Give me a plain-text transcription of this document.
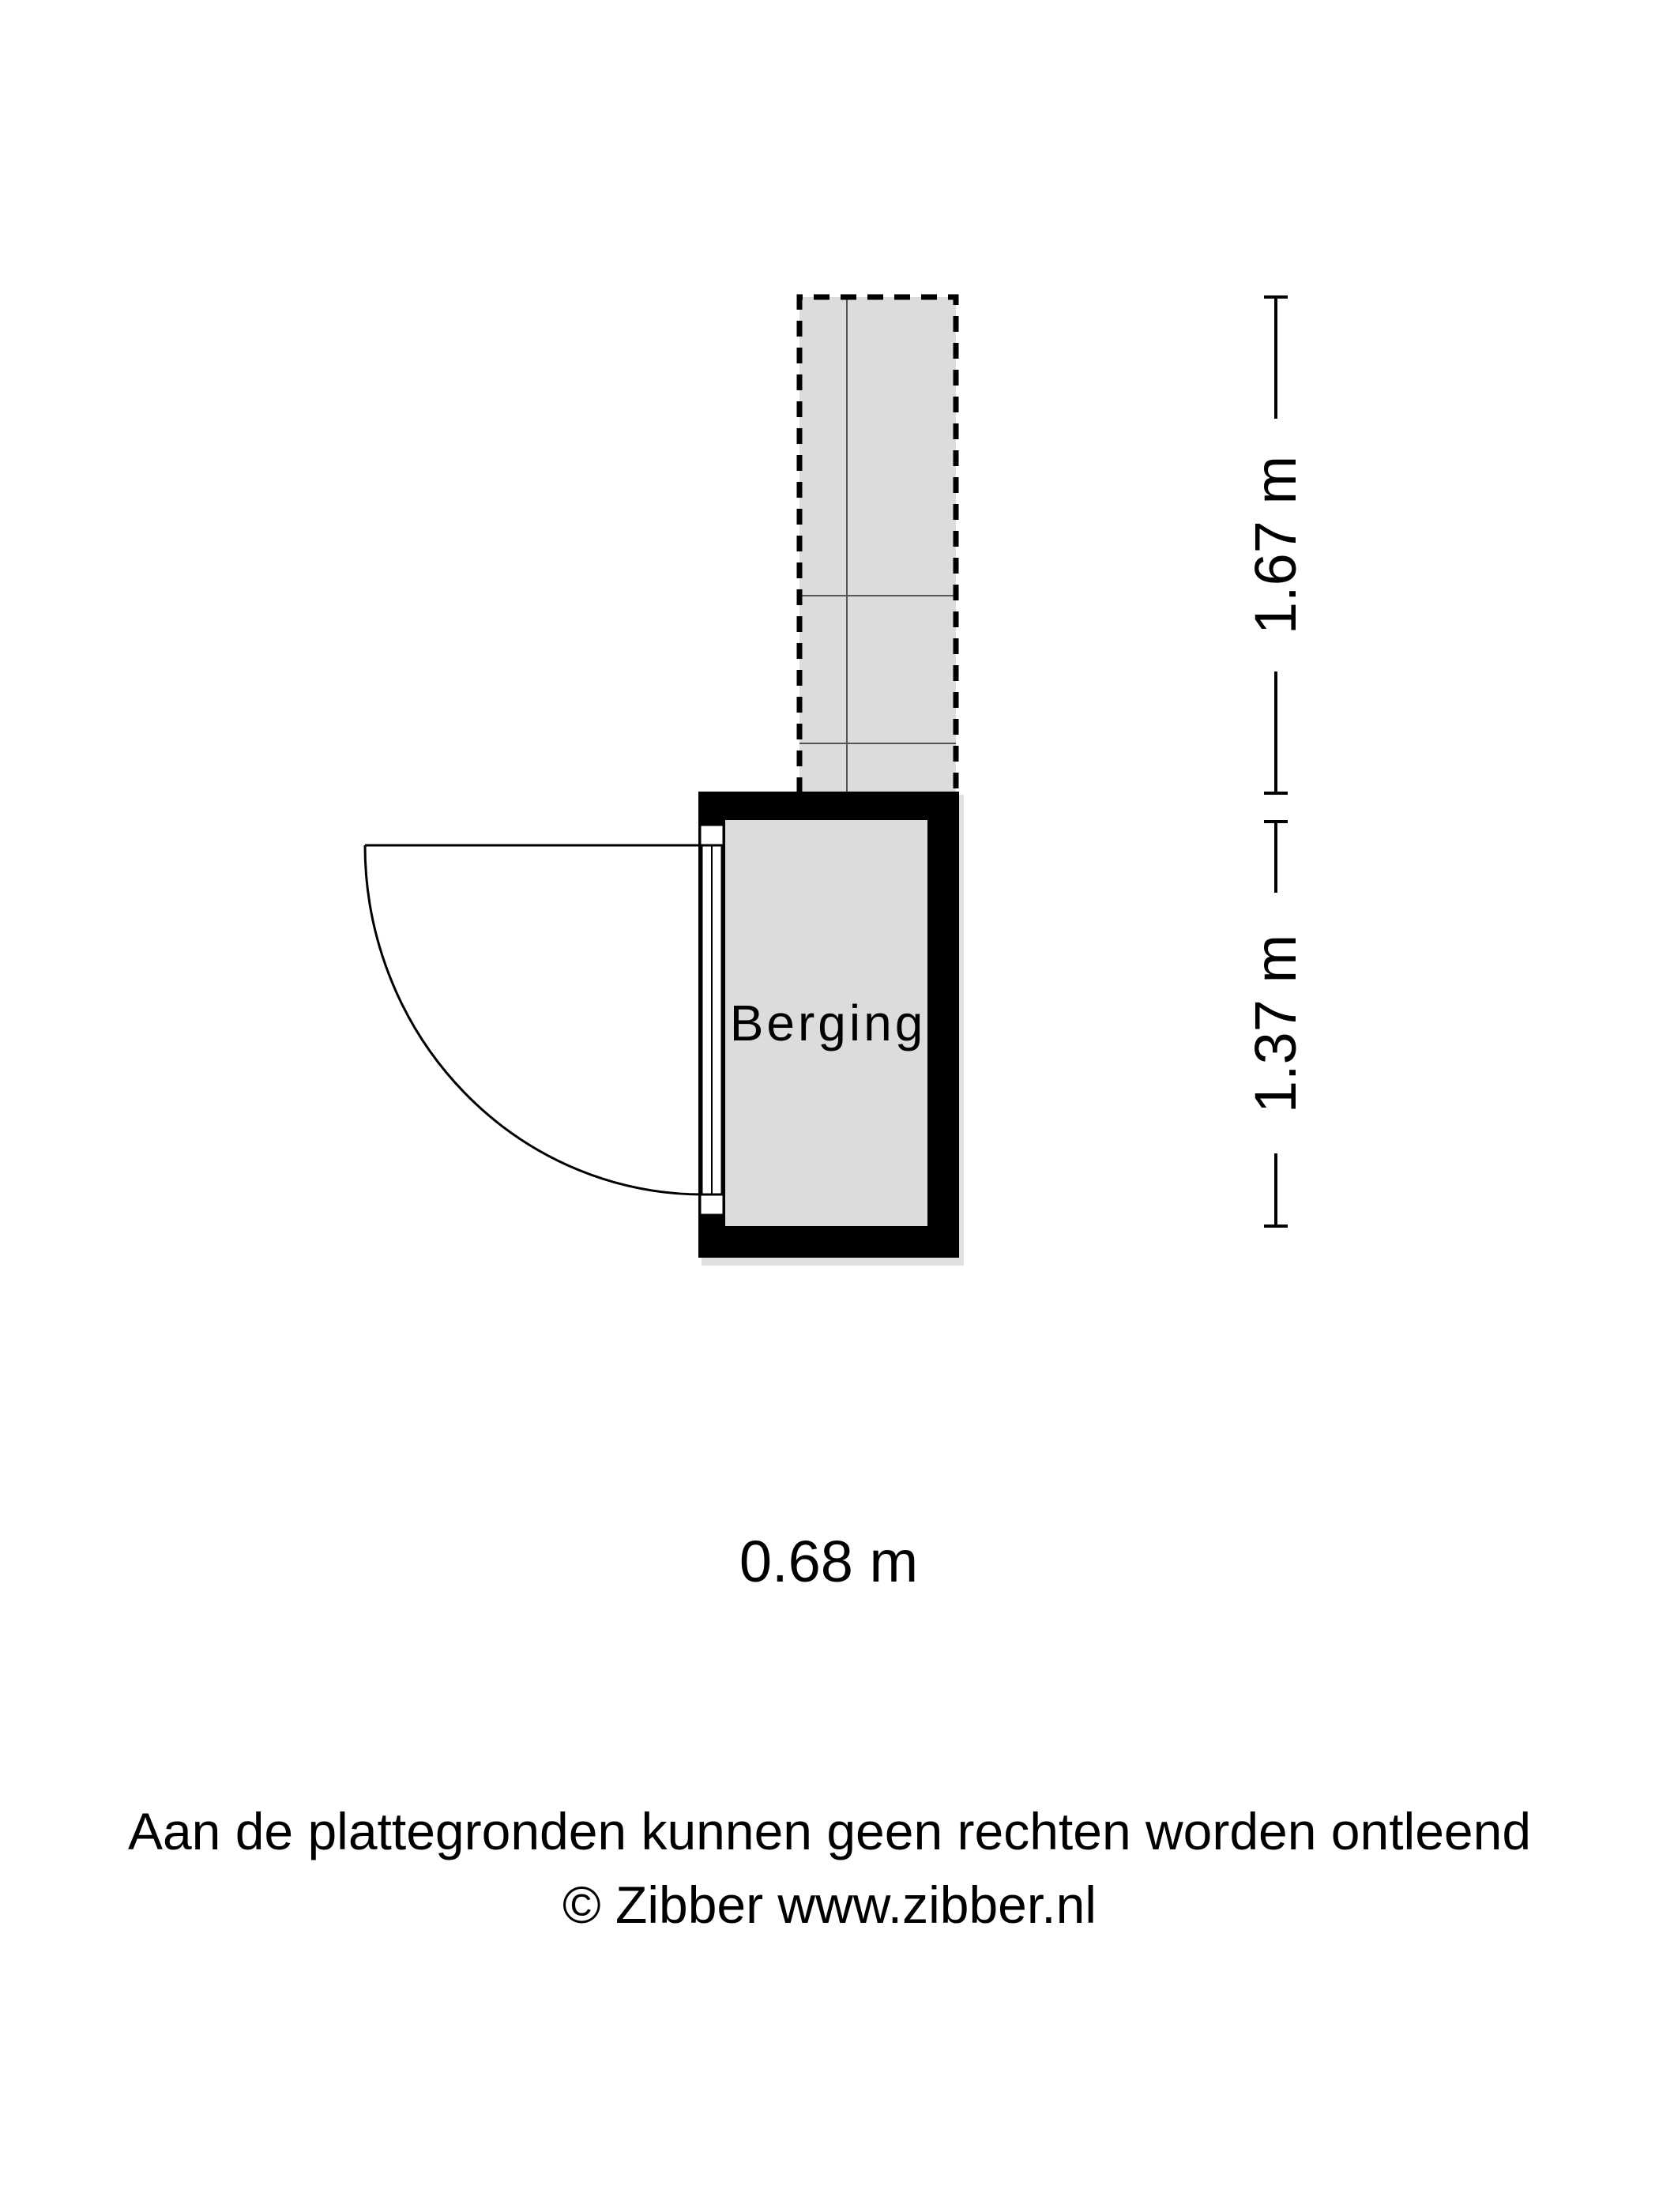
Berging
1.67 m
1.37 m
0.68 m
Aan de plattegronden kunnen geen rechten worden ontleend
© Zibber www.zibber.nl
